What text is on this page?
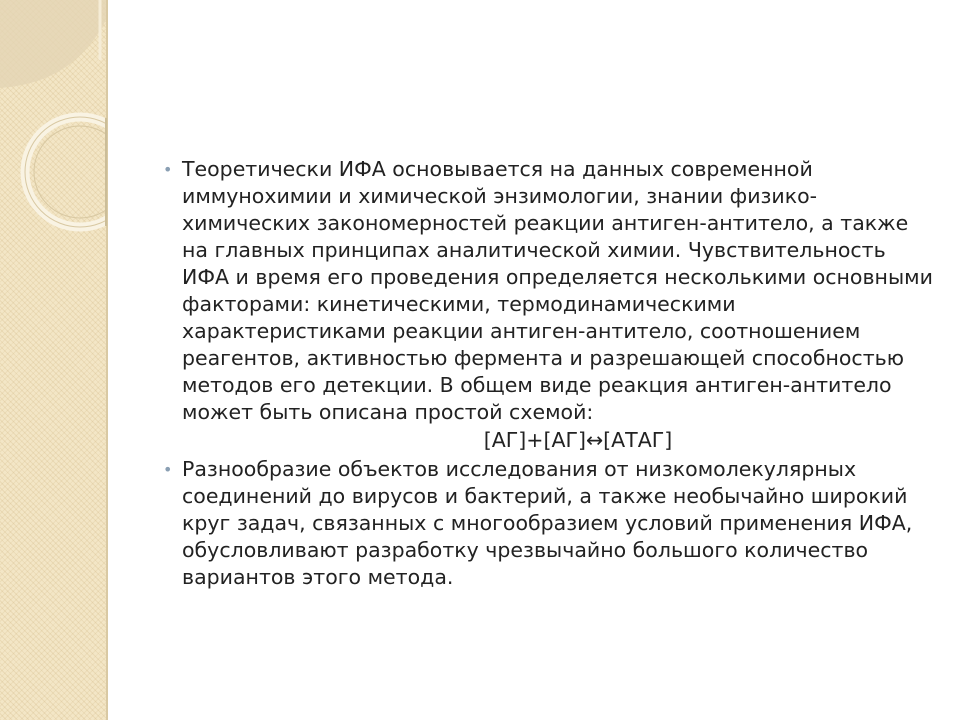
• Теоретически ИФА основывается на данных современной иммунохимии и химической энзимологии, знании физико-химических закономерностей реакции антиген-антитело, а также на главных принципах аналитической химии. Чувствительность ИФА и время его проведения определяется несколькими основными факторами: кинетическими, термодинамическими характеристиками реакции антиген-антитело, соотношением реагентов, активностью фермента и разрешающей способностью методов его детекции. В общем виде реакция антиген-антитело может быть описана простой схемой:
[АГ]+[АГ]↔[АТАГ]
• Разнообразие объектов исследования от низкомолекулярных соединений до вирусов и бактерий, а также необычайно широкий круг задач, связанных с многообразием условий применения ИФА, обусловливают разработку чрезвычайно большого количество вариантов этого метода.
